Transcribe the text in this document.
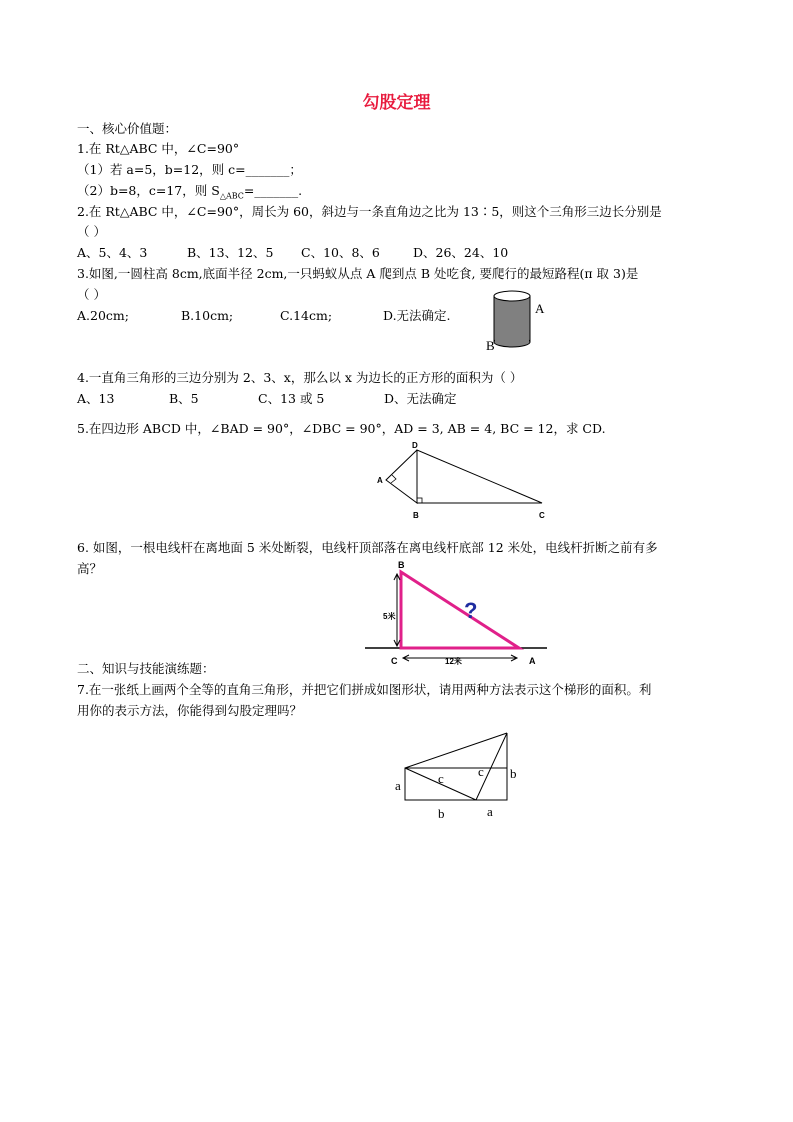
勾股定理
一、核心价值题：
1.在 Rt△ABC 中，∠C=90°
（1）若 a=5，b=12，则 c=_______；
（2）b=8，c=17，则 $S_{\triangle ABC}=\_\_\_\_\_\_\_$.
2.在 Rt△ABC 中，∠C=90°，周长为 60，斜边与一条直角边之比为 13∶5，则这个三角形三边长分别是
（ ）
A、5、4、3	B、13、12、5 C、10、8、6	D、26、24、10
3.如图,一圆柱高 8cm,底面半径 2cm,一只蚂蚁从点 A 爬到点 B 处吃食, 要爬行的最短路程(π 取 3)是
（ ）
A.20cm;	B.10cm;	C.14cm;	D.无法确定.	A
B
4.一直角三角形的三边分别为 2、3、x，那么以 x 为边长的正方形的面积为（ ）
A、13	B、5	C、13 或 5	D、无法确定
5.在四边形 ABCD 中，∠BAD = 90°，∠DBC = 90°，AD = 3, AB = 4, BC = 12，求 CD.
D
A
B	C
6. 如图，一根电线杆在离地面 5 米处断裂，电线杆顶部落在离电线杆底部 12 米处，电线杆折断之前有多
高？	B
C	A
5米
12米
?
二、知识与技能演练题：
7.在一张纸上画两个全等的直角三角形，并把它们拼成如图形状，请用两种方法表示这个梯形的面积。利
用你的表示方法，你能得到勾股定理吗？
a
b
c	c b
a
